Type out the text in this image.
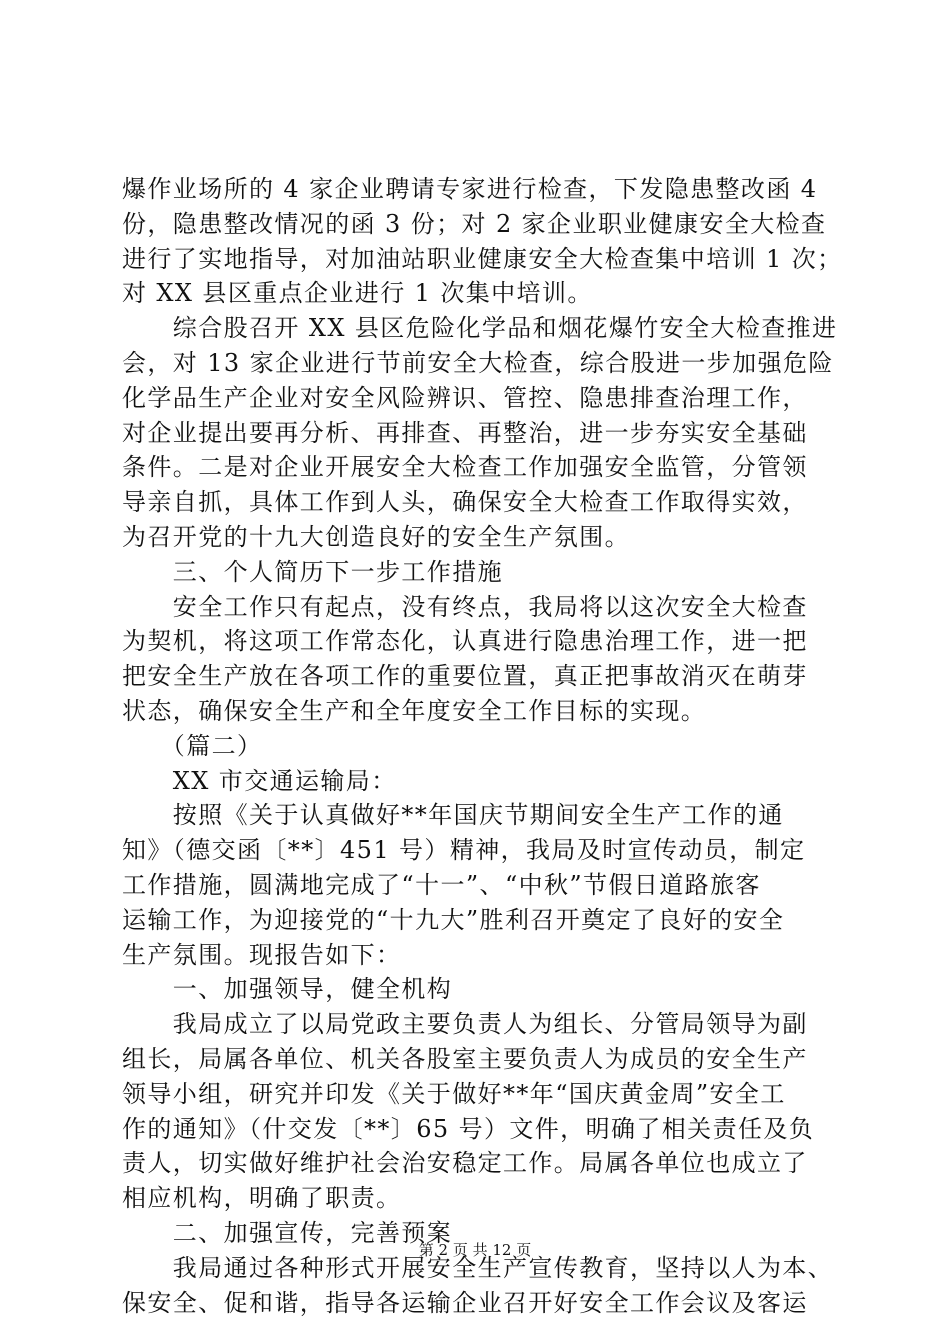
爆作业场所的 4 家企业聘请专家进行检查，下发隐患整改函 4
份，隐患整改情况的函 3 份；对 2 家企业职业健康安全大检查
进行了实地指导，对加油站职业健康安全大检查集中培训 1 次；
对 XX 县区重点企业进行 1 次集中培训。
　　综合股召开 XX 县区危险化学品和烟花爆竹安全大检查推进
会，对 13 家企业进行节前安全大检查，综合股进一步加强危险
化学品生产企业对安全风险辨识、管控、隐患排查治理工作，
对企业提出要再分析、再排查、再整治，进一步夯实安全基础
条件。二是对企业开展安全大检查工作加强安全监管，分管领
导亲自抓，具体工作到人头，确保安全大检查工作取得实效，
为召开党的十九大创造良好的安全生产氛围。
　　三、个人简历下一步工作措施
　　安全工作只有起点，没有终点，我局将以这次安全大检查
为契机，将这项工作常态化，认真进行隐患治理工作，进一把
把安全生产放在各项工作的重要位置，真正把事故消灭在萌芽
状态，确保安全生产和全年度安全工作目标的实现。
　　（篇二）
　　XX 市交通运输局：
　　按照《关于认真做好**年国庆节期间安全生产工作的通
知》（德交函〔**〕451 号）精神，我局及时宣传动员，制定
工作措施，圆满地完成了“十一”、“中秋”节假日道路旅客
运输工作，为迎接党的“十九大”胜利召开奠定了良好的安全
生产氛围。现报告如下：
　　一、加强领导，健全机构
　　我局成立了以局党政主要负责人为组长、分管局领导为副
组长，局属各单位、机关各股室主要负责人为成员的安全生产
领导小组，研究并印发《关于做好**年“国庆黄金周”安全工
作的通知》（什交发〔**〕65 号）文件，明确了相关责任及负
责人，切实做好维护社会治安稳定工作。局属各单位也成立了
相应机构，明确了职责。
　　二、加强宣传，完善预案
　　我局通过各种形式开展安全生产宣传教育，坚持以人为本、
保安全、促和谐，指导各运输企业召开好安全工作会议及客运
第 2 页 共 12 页
